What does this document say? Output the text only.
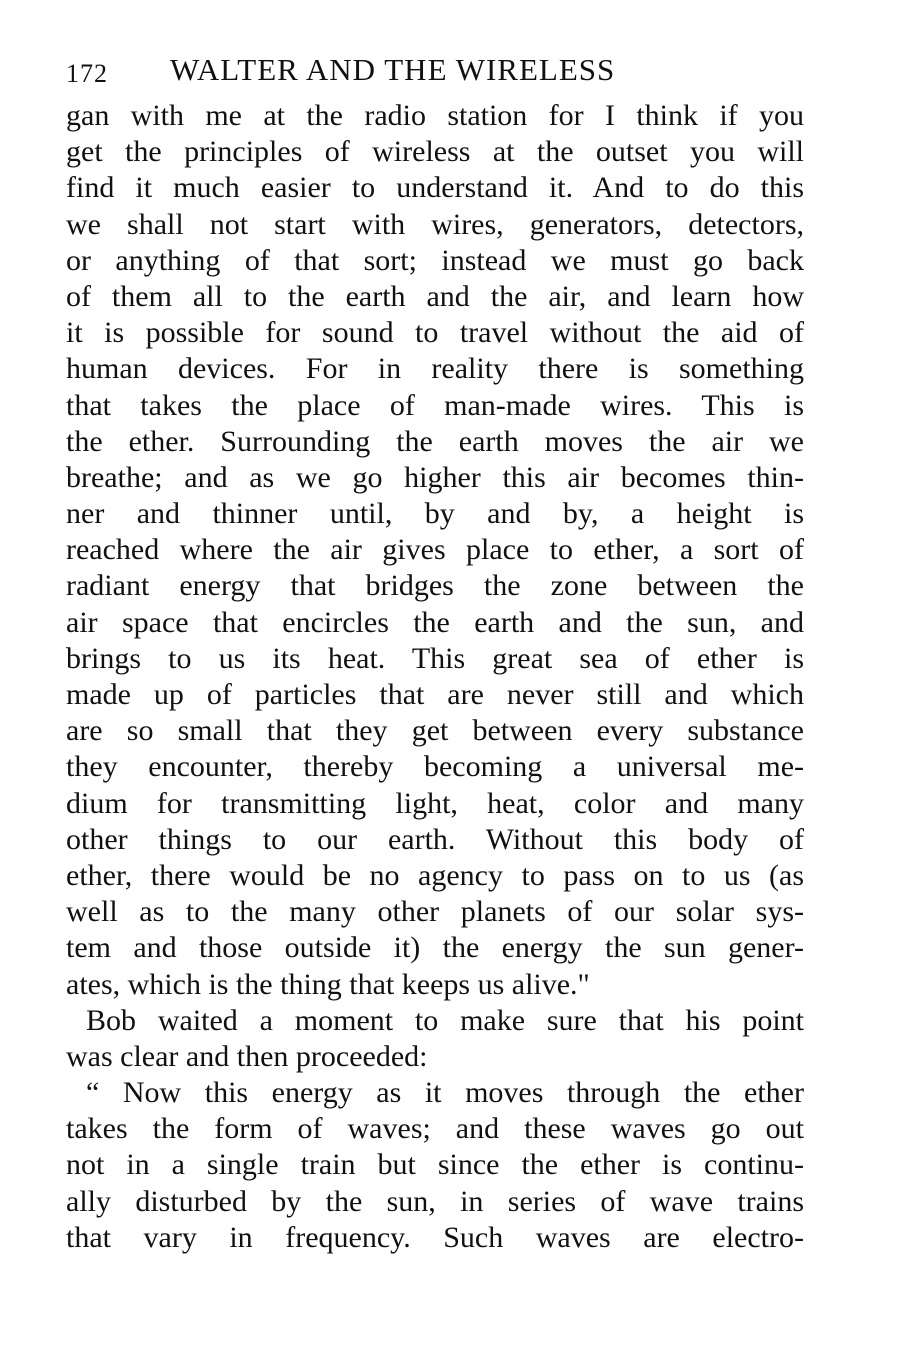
172 WALTER AND THE WIRELESS
gan with me at the radio station for I think if you
get the principles of wireless at the outset you will
find it much easier to understand it. And to do this
we shall not start with wires, generators, detectors,
or anything of that sort; instead we must go back
of them all to the earth and the air, and learn how
it is possible for sound to travel without the aid of
human devices. For in reality there is something
that takes the place of man-made wires. This is
the ether. Surrounding the earth moves the air we
breathe; and as we go higher this air becomes thin-
ner and thinner until, by and by, a height is
reached where the air gives place to ether, a sort of
radiant energy that bridges the zone between the
air space that encircles the earth and the sun, and
brings to us its heat. This great sea of ether is
made up of particles that are never still and which
are so small that they get between every substance
they encounter, thereby becoming a universal me-
dium for transmitting light, heat, color and many
other things to our earth. Without this body of
ether, there would be no agency to pass on to us (as
well as to the many other planets of our solar sys-
tem and those outside it) the energy the sun gener-
ates, which is the thing that keeps us alive."
Bob waited a moment to make sure that his point
was clear and then proceeded:
“ Now this energy as it moves through the ether
takes the form of waves; and these waves go out
not in a single train but since the ether is continu-
ally disturbed by the sun, in series of wave trains
that vary in frequency. Such waves are electro-
